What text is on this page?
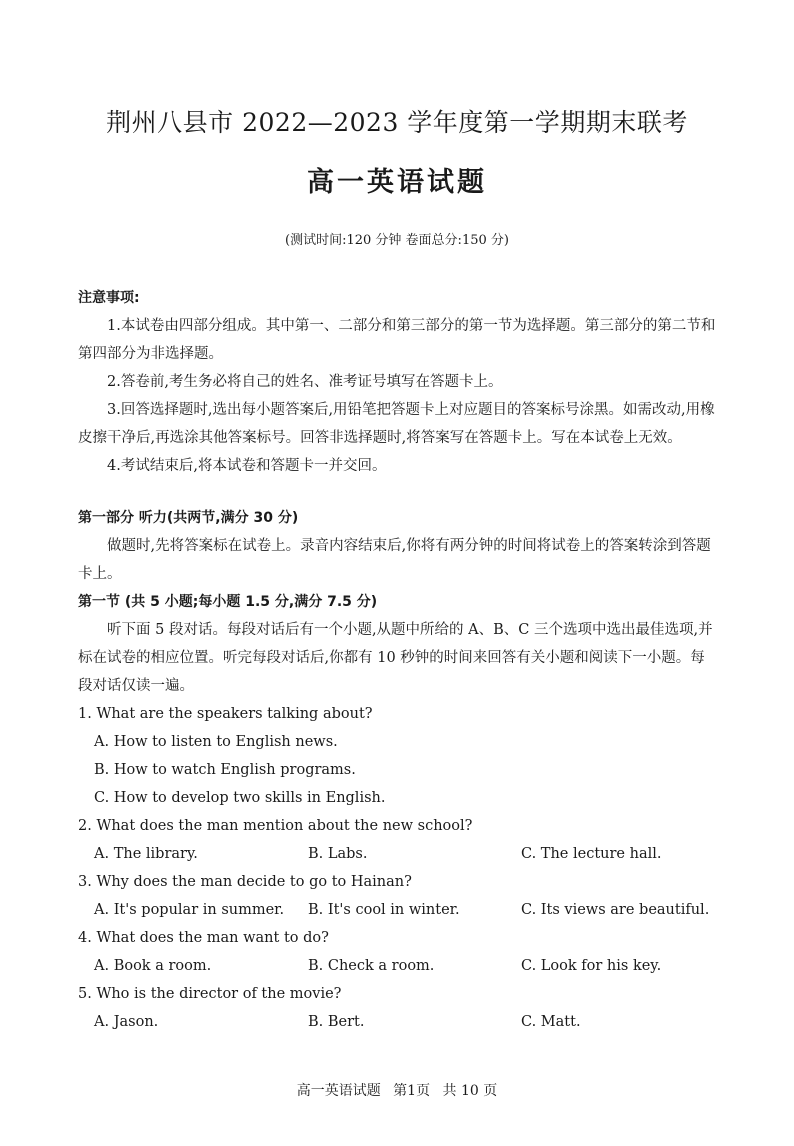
荆州八县市 2022—2023 学年度第一学期期末联考
高一英语试题
(测试时间:120 分钟 卷面总分:150 分)

注意事项:

1.本试卷由四部分组成。其中第一、二部分和第三部分的第一节为选择题。第三部分的第二节和第四部分为非选择题。

2.答卷前,考生务必将自己的姓名、准考证号填写在答题卡上。

3.回答选择题时,选出每小题答案后,用铅笔把答题卡上对应题目的答案标号涂黑。如需改动,用橡皮擦干净后,再选涂其他答案标号。回答非选择题时,将答案写在答题卡上。写在本试卷上无效。

4.考试结束后,将本试卷和答题卡一并交回。

第一部分 听力(共两节,满分 30 分)

做题时,先将答案标在试卷上。录音内容结束后,你将有两分钟的时间将试卷上的答案转涂到答题卡上。

第一节 (共 5 小题;每小题 1.5 分,满分 7.5 分)

听下面 5 段对话。每段对话后有一个小题,从题中所给的 A、B、C 三个选项中选出最佳选项,并标在试卷的相应位置。听完每段对话后,你都有 10 秒钟的时间来回答有关小题和阅读下一小题。每段对话仅读一遍。

1. What are the speakers talking about?

A. How to listen to English news.

B. How to watch English programs.

C. How to develop two skills in English.

2. What does the man mention about the new school?

A. The library.	B. Labs.	C. The lecture hall.

3. Why does the man decide to go to Hainan?

A. It's popular in summer.	B. It's cool in winter.	C. Its views are beautiful.

4. What does the man want to do?

A. Book a room.	B. Check a room.	C. Look for his key.

5. Who is the director of the movie?

A. Jason.	B. Bert.	C. Matt.
高一英语试题 第1页 共 10 页
